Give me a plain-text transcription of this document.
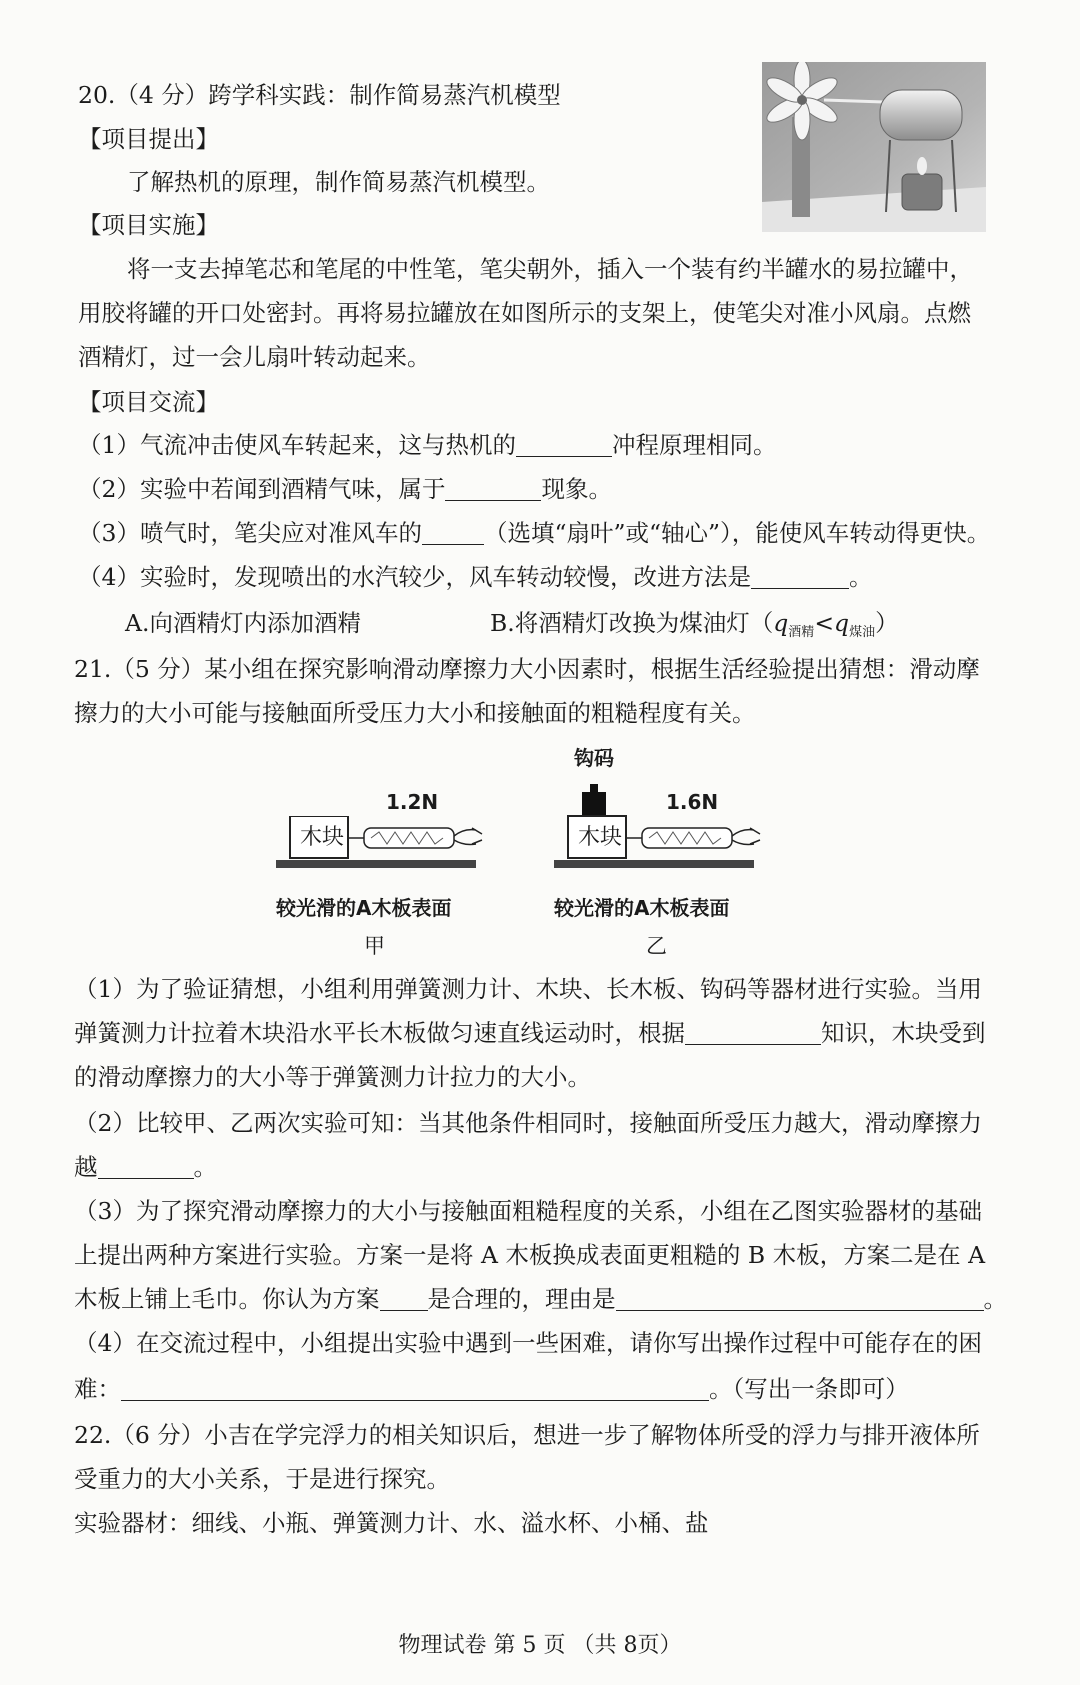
20.（4 分）跨学科实践：制作简易蒸汽机模型
【项目提出】
了解热机的原理，制作简易蒸汽机模型。
【项目实施】
将一支去掉笔芯和笔尾的中性笔，笔尖朝外，插入一个装有约半罐水的易拉罐中，
用胶将罐的开口处密封。再将易拉罐放在如图所示的支架上，使笔尖对准小风扇。点燃
酒精灯，过一会儿扇叶转动起来。
【项目交流】
（1）气流冲击使风车转起来，这与热机的	冲程原理相同。
（2）实验中若闻到酒精气味，属于	现象。
（3）喷气时，笔尖应对准风车的	（选填“扇叶”或“轴心”），能使风车转动得更快。
（4）实验时，发现喷出的水汽较少，风车转动较慢，改进方法是	。
A.向酒精灯内添加酒精	B.将酒精灯改换为煤油灯$(q_{酒精}<q_{煤油})$
21.（5 分）某小组在探究影响滑动摩擦力大小因素时，根据生活经验提出猜想：滑动摩
擦力的大小可能与接触面所受压力大小和接触面的粗糙程度有关。
1.2N
木块
较光滑的A木板表面
甲
钩码
1.6N
木块
较光滑的A木板表面
乙
（1）为了验证猜想，小组利用弹簧测力计、木块、长木板、钩码等器材进行实验。当用
弹簧测力计拉着木块沿水平长木板做匀速直线运动时，根据	知识，木块受到
的滑动摩擦力的大小等于弹簧测力计拉力的大小。
（2）比较甲、乙两次实验可知：当其他条件相同时，接触面所受压力越大，滑动摩擦力
越	。
（3）为了探究滑动摩擦力的大小与接触面粗糙程度的关系，小组在乙图实验器材的基础
上提出两种方案进行实验。方案一是将 A 木板换成表面更粗糙的 B 木板，方案二是在 A
木板上铺上毛巾。你认为方案 是合理的，理由是	。
（4）在交流过程中，小组提出实验中遇到一些困难，请你写出操作过程中可能存在的困
难：	。（写出一条即可）
22.（6 分）小吉在学完浮力的相关知识后，想进一步了解物体所受的浮力与排开液体所
受重力的大小关系，于是进行探究。
实验器材：细线、小瓶、弹簧测力计、水、溢水杯、小桶、盐
物理试卷 第 5 页 （共 8页）
